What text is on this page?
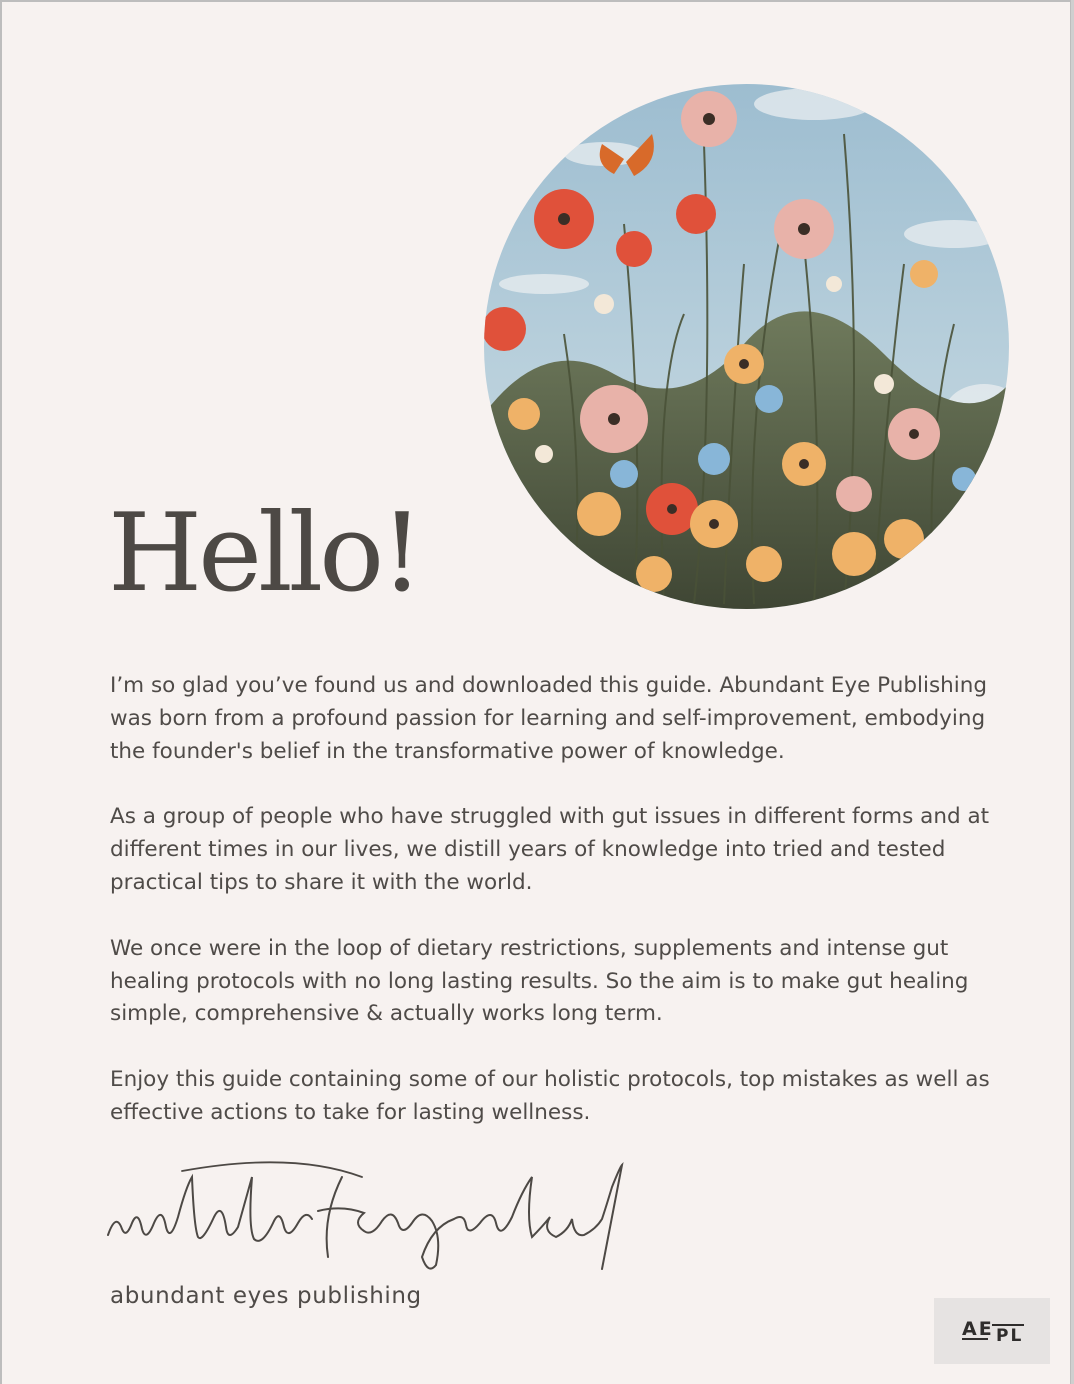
Hello!

I’m so glad you’ve found us and downloaded this guide. Abundant Eye Publishing was born from a profound passion for learning and self-improvement, embodying the founder's belief in the transformative power of knowledge.

As a group of people who have struggled with gut issues in different forms and at different times in our lives, we distill years of knowledge into tried and tested practical tips to share it with the world.

We once were in the loop of dietary restrictions, supplements and intense gut healing protocols with no long lasting results. So the aim is to make gut healing simple, comprehensive & actually works long term.

Enjoy this guide containing some of our holistic protocols, top mistakes as well as effective actions to take for lasting wellness.

abundant eyes publishing
AE PL
